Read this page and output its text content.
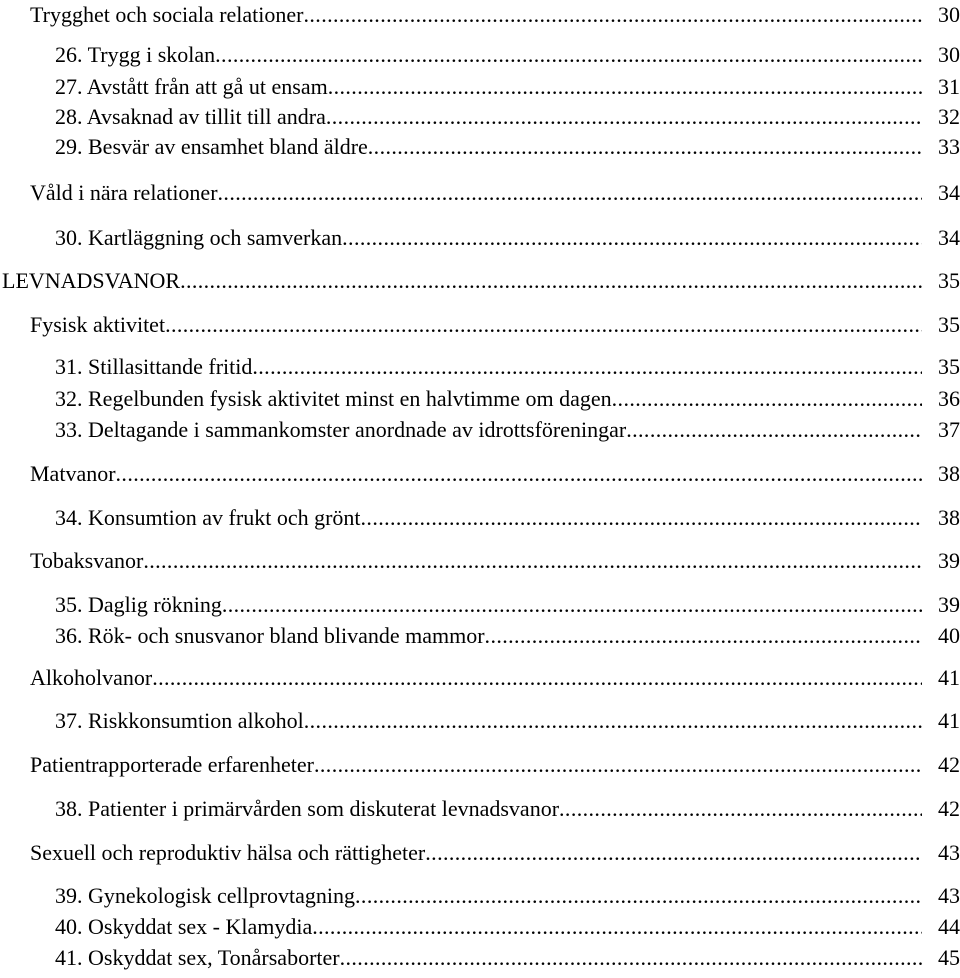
Trygghet och sociala relationer .....	30
26. Trygg i skolan .....	30
27. Avstått från att gå ut ensam .....	31
28. Avsaknad av tillit till andra .....	32
29. Besvär av ensamhet bland äldre .....	33
Våld i nära relationer .....	34
30. Kartläggning och samverkan .....	34
LEVNADSVANOR .....	35
Fysisk aktivitet .....	35
31. Stillasittande fritid .....	35
32. Regelbunden fysisk aktivitet minst en halvtimme om dagen .....	36
33. Deltagande i sammankomster anordnade av idrottsföreningar .....	37
Matvanor .....	38
34. Konsumtion av frukt och grönt .....	38
Tobaksvanor .....	39
35. Daglig rökning .....	39
36. Rök- och snusvanor bland blivande mammor .....	40
Alkoholvanor .....	41
37. Riskkonsumtion alkohol .....	41
Patientrapporterade erfarenheter .....	42
38. Patienter i primärvården som diskuterat levnadsvanor .....	42
Sexuell och reproduktiv hälsa och rättigheter .....	43
39. Gynekologisk cellprovtagning .....	43
40. Oskyddat sex - Klamydia .....	44
41. Oskyddat sex, Tonårsaborter .....	45
